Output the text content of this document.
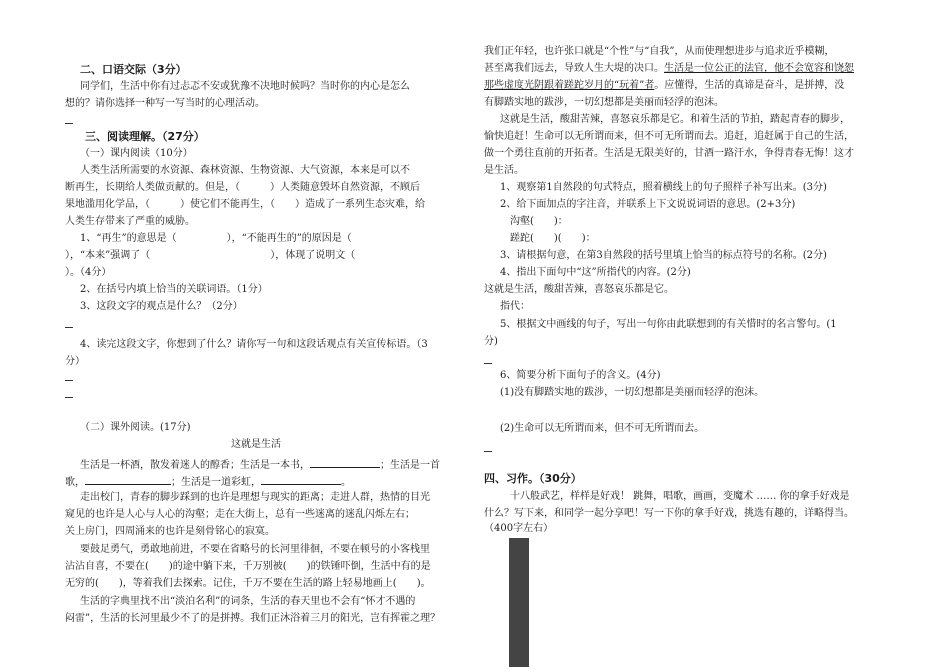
二、口语交际（3分）
同学们，生活中你有过忐忑不安或犹豫不决地时候吗？当时你的内心是怎么
想的？请你选择一种写一写当时的心理活动。
三、阅读理解。（27分）
（一）课内阅读（10分）
人类生活所需要的水资源、森林资源、生物资源、大气资源，本来是可以不
断再生，长期给人类做贡献的。但是，（　　　）人类随意毁坏自然资源，不顾后
果地滥用化学品，（　　　）使它们不能再生，（　　）造成了一系列生态灾难，给
人类生存带来了严重的威胁。
1、“再生”的意思是（　　　　　），“不能再生的”的原因是（
），“本来”强调了（　　　　　　　　　　　　），体现了说明文（
）。（4分）
2、在括号内填上恰当的关联词语。（1分）
3、这段文字的观点是什么？（2分）
4、读完这段文字，你想到了什么？请你写一句和这段话观点有关宣传标语。（3
分）
（二）课外阅读。(17分)
这就是生活
生活是一杯酒，散发着迷人的醇香；生活是一本书，	；生活是一首
歌，	；生活是一道彩虹，	。
走出校门，青春的脚步踩到的也许是理想与现实的距离；走进人群，热情的目光
窥见的也许是人心与人心的沟壑；走在大街上，总有一些迷离的迷乱闪烁左右；
关上房门，四周涌来的也许是刻骨铭心的寂寞。
要鼓足勇气，勇敢地前进，不要在省略号的长河里徘徊，不要在顿号的小客栈里
沾沾自喜，不要在(　　)的途中躺下来，千万别被(　　)的铁锤吓倒，生活中有的是
无穷的(　　)，等着我们去探索。记住，千万不要在生活的路上轻易地画上(　　)。
生活的字典里找不出“淡泊名利”的词条，生活的春天里也不会有“怀才不遇的
闷雷”，生活的长河里最少不了的是拼搏。我们正沐浴着三月的阳光，岂有挥霍之理？
我们正年轻，也许张口就是“个性”与“自我”，从而使理想进步与追求近乎模糊，
甚至离我们远去，导致人生大堤的决口。生活是一位公正的法官，他不会宽容和饶恕
那些虚度光阴跟着蹉跎岁月的“玩着”者。应懂得，生活的真谛是奋斗，是拼搏，没
有脚踏实地的跋涉，一切幻想都是美丽而轻浮的泡沫。
这就是生活，酸甜苦辣，喜怒哀乐都是它。和着生活的节拍，踏起青春的脚步，
愉快追赶！生命可以无所谓而来，但不可无所谓而去。追赶，追赶属于自己的生活，
做一个勇往直前的开拓者。生活是无限美好的，甘酒一路汗水，争得青春无悔！这才
是生活。
1、观察第1自然段的句式特点，照着横线上的句子照样子补写出来。(3分)
2、给下面加点的字注音，并联系上下文说说词语的意思。(2+3分)
沟壑(　　)：
蹉跎(　　)(　　)：
3、请根据句意，在第3自然段的括号里填上恰当的标点符号的名称。(2分)
4、指出下面句中“这”所指代的内容。(2分)
这就是生活，酸甜苦辣，喜怒哀乐都是它。
指代：
5、根据文中画线的句子，写出一句你由此联想到的有关惜时的名言警句。(1
分)
6、简要分析下面句子的含义。(4分)
(1)没有脚踏实地的跋涉，一切幻想都是美丽而轻浮的泡沫。
(2)生命可以无所谓而来，但不可无所谓而去。
四、习作。（30分）
十八般武艺，样样是好戏！ 跳舞，唱歌，画画，变魔术 …… 你的拿手好戏是
什么？写下来，和同学一起分享吧！写一下你的拿手好戏，挑选有趣的，详略得当。
（400字左右）
